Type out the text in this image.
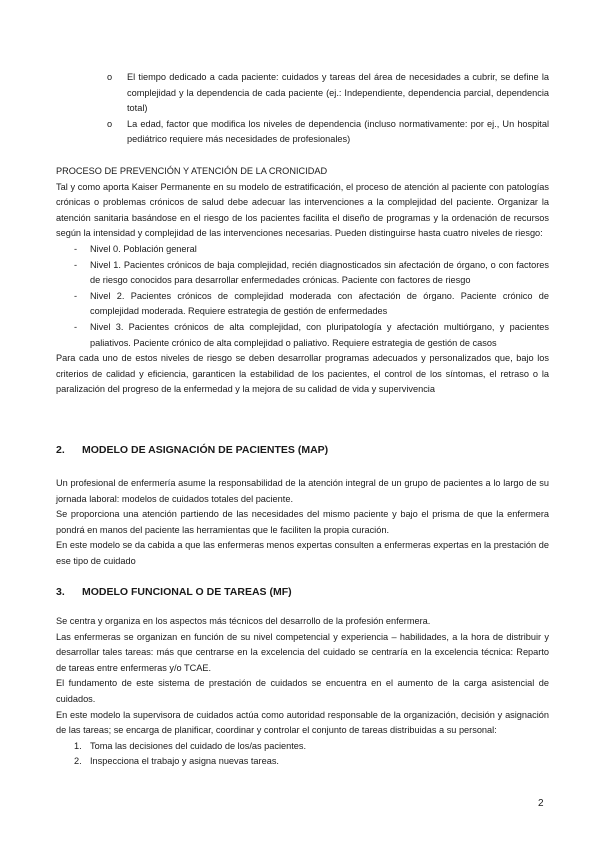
o El tiempo dedicado a cada paciente: cuidados y tareas del área de necesidades a cubrir, se define la complejidad y la dependencia de cada paciente (ej.: Independiente, dependencia parcial, dependencia total)
o La edad, factor que modifica los niveles de dependencia (incluso normativamente: por ej., Un hospital pediátrico requiere más necesidades de profesionales)

PROCESO DE PREVENCIÓN Y ATENCIÓN DE LA CRONICIDAD

Tal y como aporta Kaiser Permanente en su modelo de estratificación, el proceso de atención al paciente con patologías crónicas o problemas crónicos de salud debe adecuar las intervenciones a la complejidad del paciente. Organizar la atención sanitaria basándose en el riesgo de los pacientes facilita el diseño de programas y la ordenación de recursos según la intensidad y complejidad de las intervenciones necesarias. Pueden distinguirse hasta cuatro niveles de riesgo:

- Nivel 0. Población general
- Nivel 1. Pacientes crónicos de baja complejidad, recién diagnosticados sin afectación de órgano, o con factores de riesgo conocidos para desarrollar enfermedades crónicas. Paciente con factores de riesgo
- Nivel 2. Pacientes crónicos de complejidad moderada con afectación de órgano. Paciente crónico de complejidad moderada. Requiere estrategia de gestión de enfermedades
- Nivel 3. Pacientes crónicos de alta complejidad, con pluripatología y afectación multiórgano, y pacientes paliativos. Paciente crónico de alta complejidad o paliativo. Requiere estrategia de gestión de casos

Para cada uno de estos niveles de riesgo se deben desarrollar programas adecuados y personalizados que, bajo los criterios de calidad y eficiencia, garanticen la estabilidad de los pacientes, el control de los síntomas, el retraso o la paralización del progreso de la enfermedad y la mejora de su calidad de vida y supervivencia

2. MODELO DE ASIGNACIÓN DE PACIENTES (MAP)

Un profesional de enfermería asume la responsabilidad de la atención integral de un grupo de pacientes a lo largo de su jornada laboral: modelos de cuidados totales del paciente.

Se proporciona una atención partiendo de las necesidades del mismo paciente y bajo el prisma de que la enfermera pondrá en manos del paciente las herramientas que le faciliten la propia curación.

En este modelo se da cabida a que las enfermeras menos expertas consulten a enfermeras expertas en la prestación de ese tipo de cuidado

3. MODELO FUNCIONAL O DE TAREAS (MF)

Se centra y organiza en los aspectos más técnicos del desarrollo de la profesión enfermera.

Las enfermeras se organizan en función de su nivel competencial y experiencia – habilidades, a la hora de distribuir y desarrollar tales tareas: más que centrarse en la excelencia del cuidado se centraría en la excelencia técnica: Reparto de tareas entre enfermeras y/o TCAE.

El fundamento de este sistema de prestación de cuidados se encuentra en el aumento de la carga asistencial de cuidados.

En este modelo la supervisora de cuidados actúa como autoridad responsable de la organización, decisión y asignación de las tareas; se encarga de planificar, coordinar y controlar el conjunto de tareas distribuidas a su personal:

1. Toma las decisiones del cuidado de los/as pacientes.
2. Inspecciona el trabajo y asigna nuevas tareas.
2
